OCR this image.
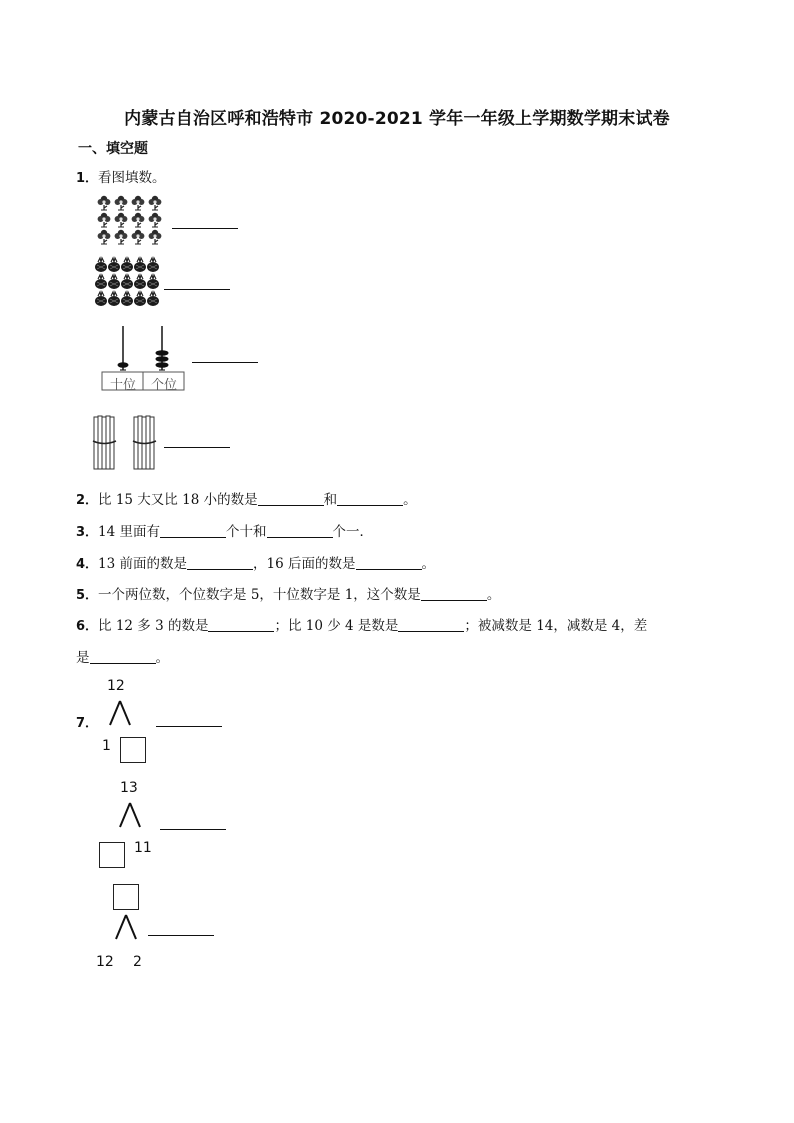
内蒙古自治区呼和浩特市 2020-2021 学年一年级上学期数学期末试卷
一、填空题
1．看图填数。
十位	个位
2．比 15 大又比 18 小的数是	和	。
3．14 里面有	个十和	个一．
4．13 前面的数是	，16 后面的数是	。
5．一个两位数，个位数字是 5，十位数字是 1，这个数是	。
6．比 12 多 3 的数是	；比 10 少 4 是数是	；被减数是 14，减数是 4，差
是	。
7．
12
1
13
11
12 2
